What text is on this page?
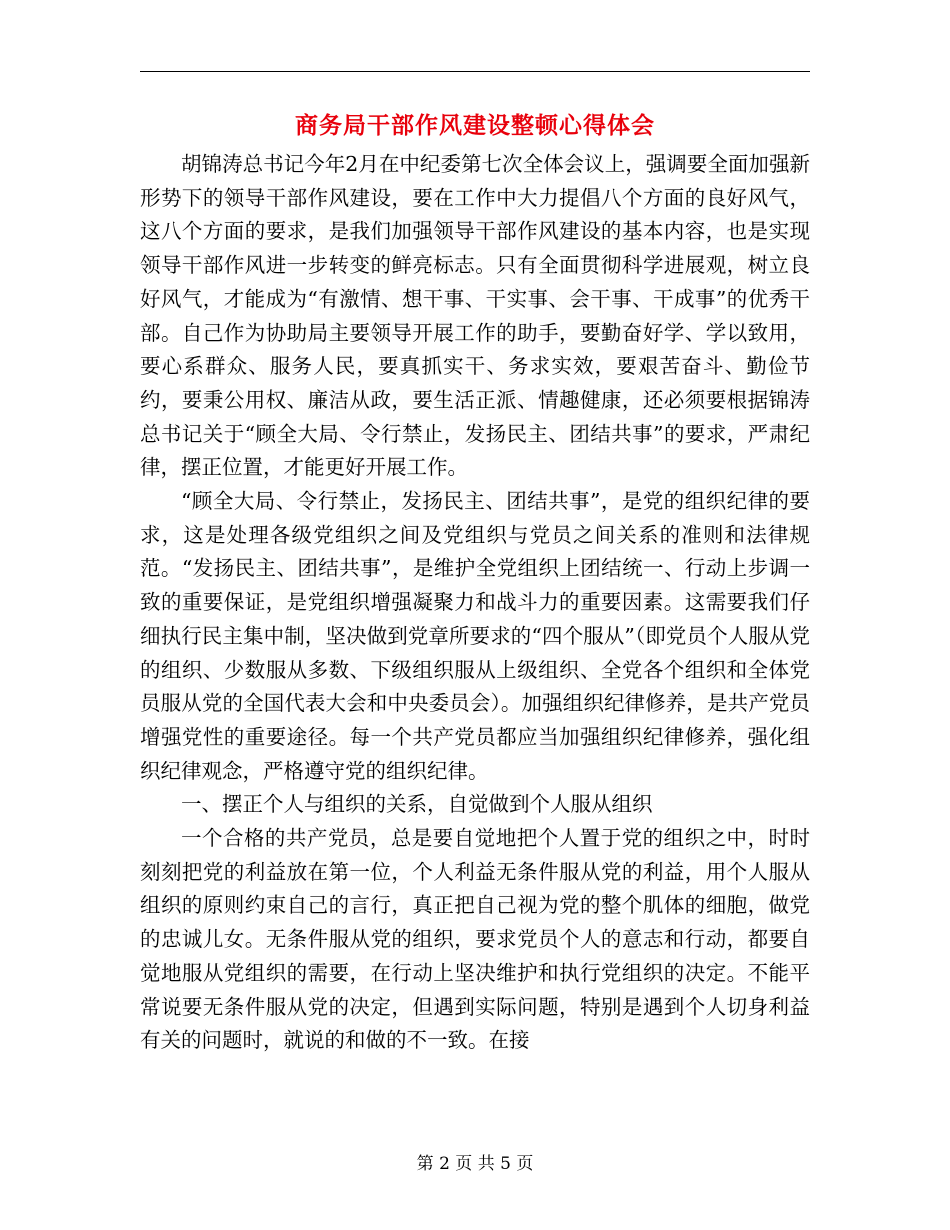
商务局干部作风建设整顿心得体会

胡锦涛总书记今年2月在中纪委第七次全体会议上，强调要全面加强新形势下的领导干部作风建设，要在工作中大力提倡八个方面的良好风气，这八个方面的要求，是我们加强领导干部作风建设的基本内容，也是实现领导干部作风进一步转变的鲜亮标志。只有全面贯彻科学进展观，树立良好风气，才能成为“有激情、想干事、干实事、会干事、干成事”的优秀干部。自己作为协助局主要领导开展工作的助手，要勤奋好学、学以致用，要心系群众、服务人民，要真抓实干、务求实效，要艰苦奋斗、勤俭节约，要秉公用权、廉洁从政，要生活正派、情趣健康，还必须要根据锦涛总书记关于“顾全大局、令行禁止，发扬民主、团结共事”的要求，严肃纪律，摆正位置，才能更好开展工作。

“顾全大局、令行禁止，发扬民主、团结共事”，是党的组织纪律的要求，这是处理各级党组织之间及党组织与党员之间关系的准则和法律规范。“发扬民主、团结共事”，是维护全党组织上团结统一、行动上步调一致的重要保证，是党组织增强凝聚力和战斗力的重要因素。这需要我们仔细执行民主集中制，坚决做到党章所要求的“四个服从”（即党员个人服从党的组织、少数服从多数、下级组织服从上级组织、全党各个组织和全体党员服从党的全国代表大会和中央委员会）。加强组织纪律修养，是共产党员增强党性的重要途径。每一个共产党员都应当加强组织纪律修养，强化组织纪律观念，严格遵守党的组织纪律。

一、摆正个人与组织的关系，自觉做到个人服从组织

一个合格的共产党员，总是要自觉地把个人置于党的组织之中，时时刻刻把党的利益放在第一位，个人利益无条件服从党的利益，用个人服从组织的原则约束自己的言行，真正把自己视为党的整个肌体的细胞，做党的忠诚儿女。无条件服从党的组织，要求党员个人的意志和行动，都要自觉地服从党组织的需要，在行动上坚决维护和执行党组织的决定。不能平常说要无条件服从党的决定，但遇到实际问题，特别是遇到个人切身利益有关的问题时，就说的和做的不一致。在接

第 2 页 共 5 页
